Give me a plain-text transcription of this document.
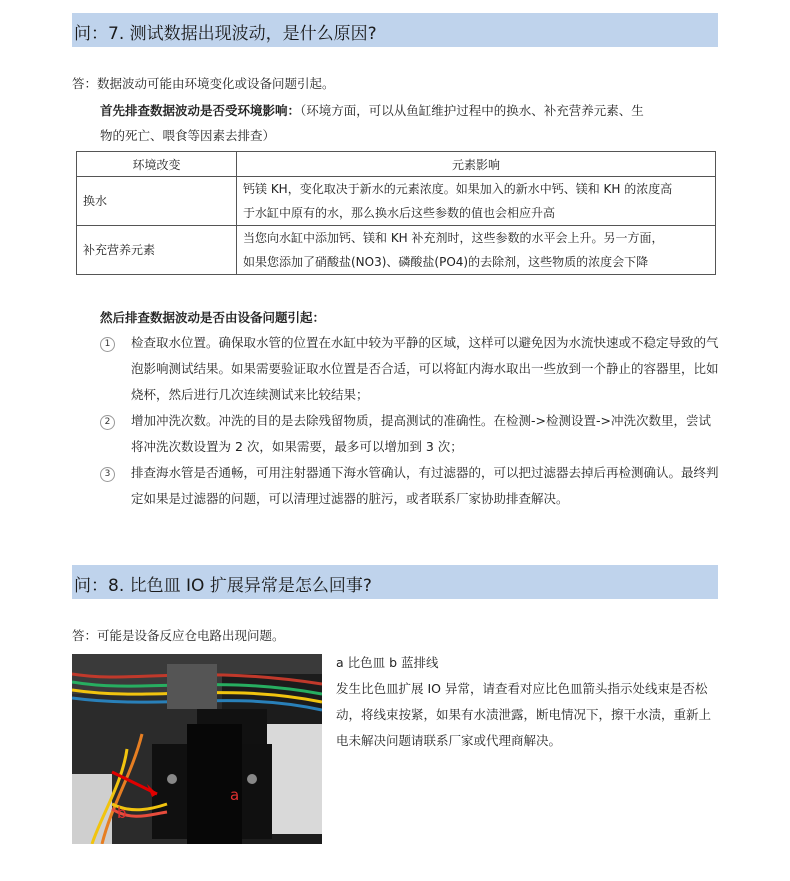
问：7. 测试数据出现波动，是什么原因?
答：数据波动可能由环境变化或设备问题引起。
首先排查数据波动是否受环境影响：（环境方面，可以从鱼缸维护过程中的换水、补充营养元素、生
物的死亡、喂食等因素去排查）
环境改变	元素影响
换水	钙镁 KH，变化取决于新水的元素浓度。如果加入的新水中钙、镁和 KH 的浓度高
于水缸中原有的水，那么换水后这些参数的值也会相应升高

补充营养元素	当您向水缸中添加钙、镁和 KH 补充剂时，这些参数的水平会上升。另一方面，
如果您添加了硝酸盐(NO3)、磷酸盐(PO4)的去除剂，这些物质的浓度会下降
然后排查数据波动是否由设备问题引起：
1	检查取水位置。确保取水管的位置在水缸中较为平静的区域，这样可以避免因为水流快速或不稳定导致的气泡影响测试结果。如果需要验证取水位置是否合适，可以将缸内海水取出一些放到一个静止的容器里，比如烧杯，然后进行几次连续测试来比较结果；
2	增加冲洗次数。冲洗的目的是去除残留物质，提高测试的准确性。在检测->检测设置->冲洗次数里，尝试将冲洗次数设置为 2 次，如果需要，最多可以增加到 3 次；
3	排查海水管是否通畅，可用注射器通下海水管确认，有过滤器的，可以把过滤器去掉后再检测确认。最终判定如果是过滤器的问题，可以清理过滤器的脏污，或者联系厂家协助排查解决。
问：8. 比色皿 IO 扩展异常是怎么回事?
答：可能是设备反应仓电路出现问题。
a
b
a 比色皿 b 蓝排线
发生比色皿扩展 IO 异常，请查看对应比色皿箭头指示处线束是否松动，将线束按紧，如果有水渍泄露，断电情况下，擦干水渍，重新上电未解决问题请联系厂家或代理商解决。
